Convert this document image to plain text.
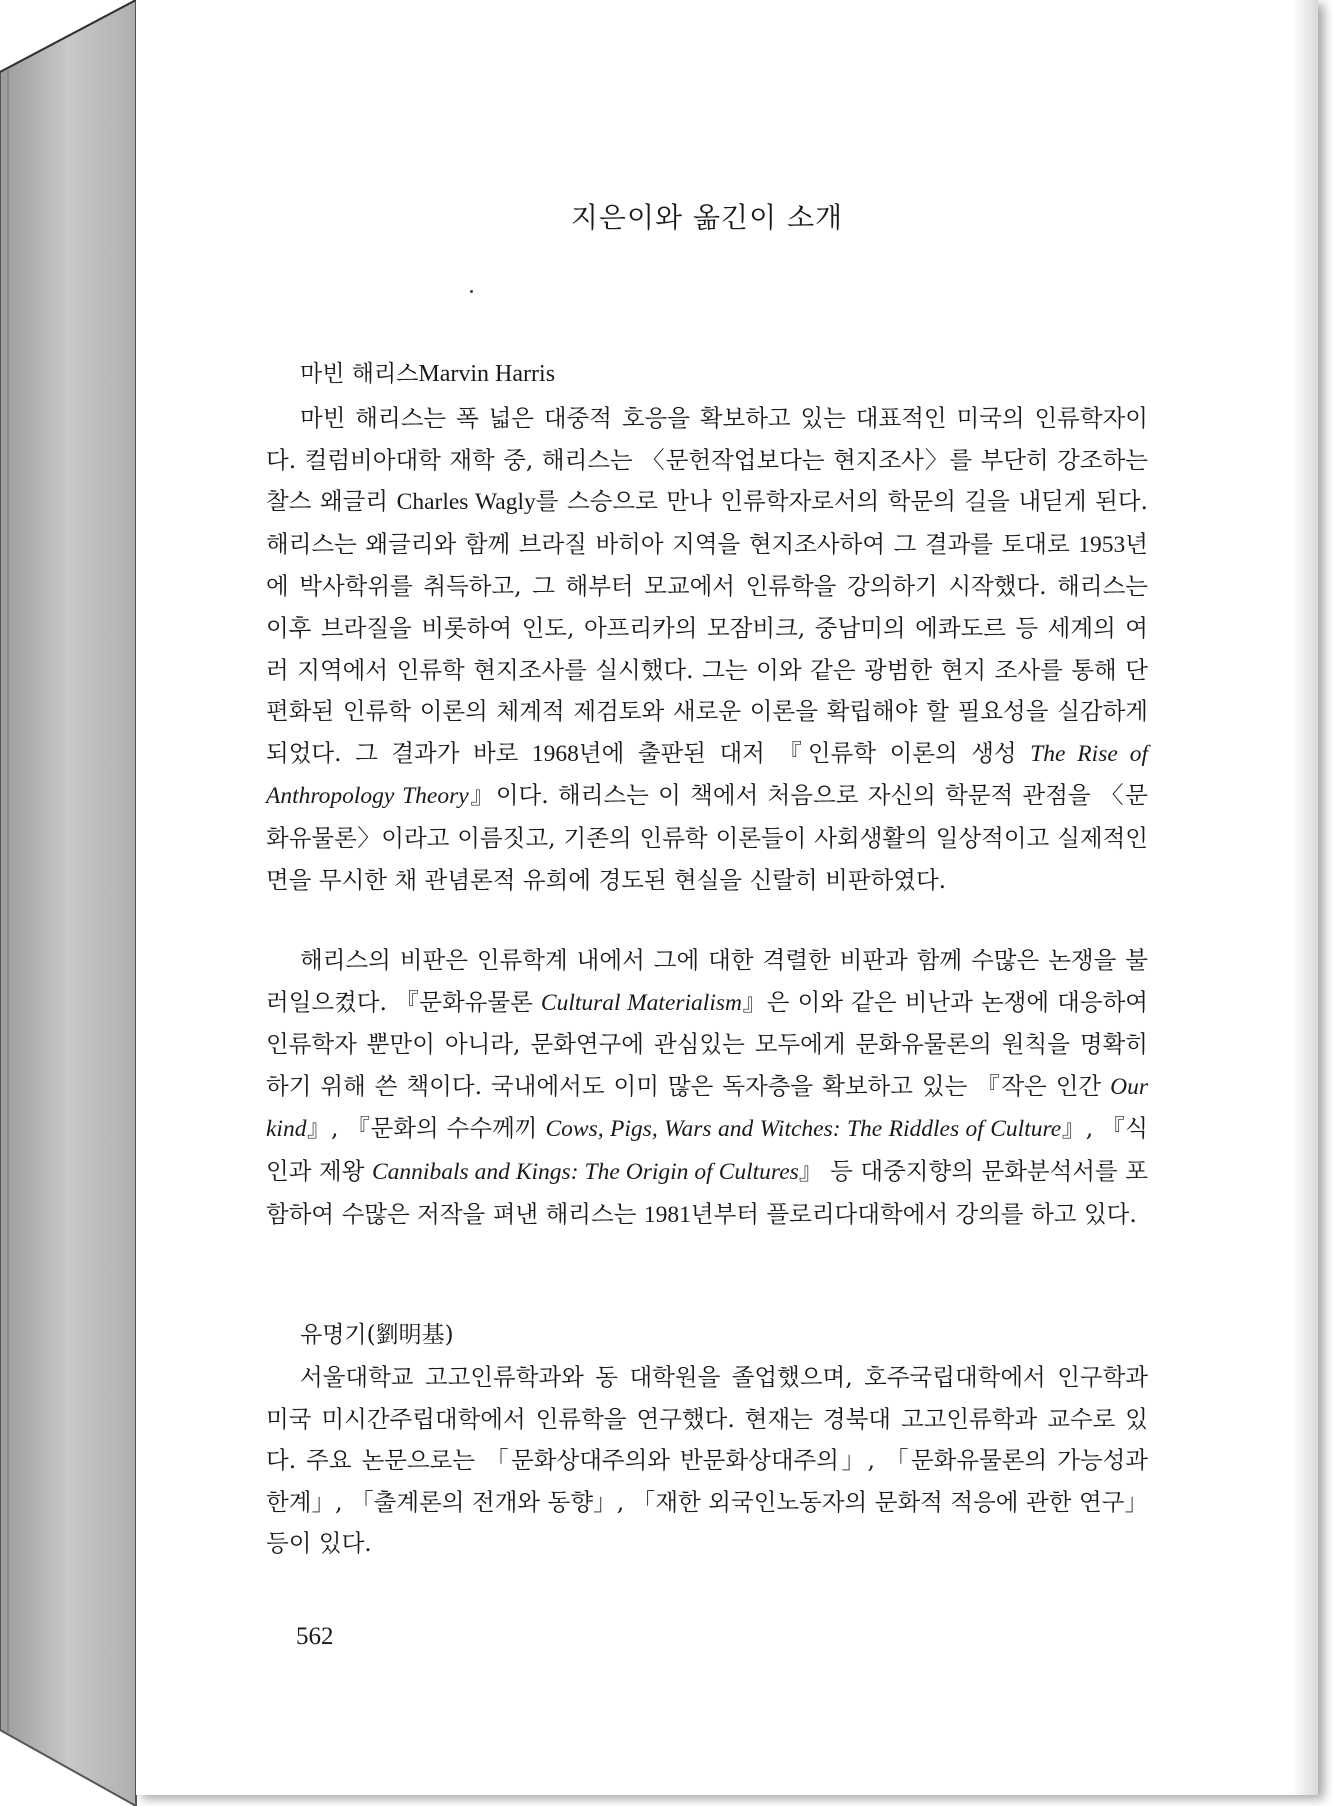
지은이와 옮긴이 소개
마빈 해리스Marvin Harris

마빈 해리스는 폭 넓은 대중적 호응을 확보하고 있는 대표적인 미국의 인류학자이다. 컬럼비아대학 재학 중, 해리스는 〈문헌작업보다는 현지조사〉를 부단히 강조하는 찰스 왜글리 Charles Wagly를 스승으로 만나 인류학자로서의 학문의 길을 내딛게 된다. 해리스는 왜글리와 함께 브라질 바히아 지역을 현지조사하여 그 결과를 토대로 1953년에 박사학위를 취득하고, 그 해부터 모교에서 인류학을 강의하기 시작했다. 해리스는 이후 브라질을 비롯하여 인도, 아프리카의 모잠비크, 중남미의 에콰도르 등 세계의 여러 지역에서 인류학 현지조사를 실시했다. 그는 이와 같은 광범한 현지 조사를 통해 단편화된 인류학 이론의 체계적 제검토와 새로운 이론을 확립해야 할 필요성을 실감하게 되었다. 그 결과가 바로 1968년에 출판된 대저 『인류학 이론의 생성 The Rise of Anthropology Theory』이다. 해리스는 이 책에서 처음으로 자신의 학문적 관점을 〈문화유물론〉이라고 이름짓고, 기존의 인류학 이론들이 사회생활의 일상적이고 실제적인 면을 무시한 채 관념론적 유희에 경도된 현실을 신랄히 비판하였다.

해리스의 비판은 인류학계 내에서 그에 대한 격렬한 비판과 함께 수많은 논쟁을 불러일으켰다. 『문화유물론 Cultural Materialism』은 이와 같은 비난과 논쟁에 대응하여 인류학자 뿐만이 아니라, 문화연구에 관심있는 모두에게 문화유물론의 원칙을 명확히 하기 위해 쓴 책이다. 국내에서도 이미 많은 독자층을 확보하고 있는 『작은 인간 Our kind』, 『문화의 수수께끼 Cows, Pigs, Wars and Witches: The Riddles of Culture』, 『식인과 제왕 Cannibals and Kings: The Origin of Cultures』 등 대중지향의 문화분석서를 포함하여 수많은 저작을 펴낸 해리스는 1981년부터 플로리다대학에서 강의를 하고 있다.

유명기(劉明基)

서울대학교 고고인류학과와 동 대학원을 졸업했으며, 호주국립대학에서 인구학과 미국 미시간주립대학에서 인류학을 연구했다. 현재는 경북대 고고인류학과 교수로 있다. 주요 논문으로는 「문화상대주의와 반문화상대주의」, 「문화유물론의 가능성과 한계」, 「출계론의 전개와 동향」, 「재한 외국인노동자의 문화적 적응에 관한 연구」 등이 있다.

562
